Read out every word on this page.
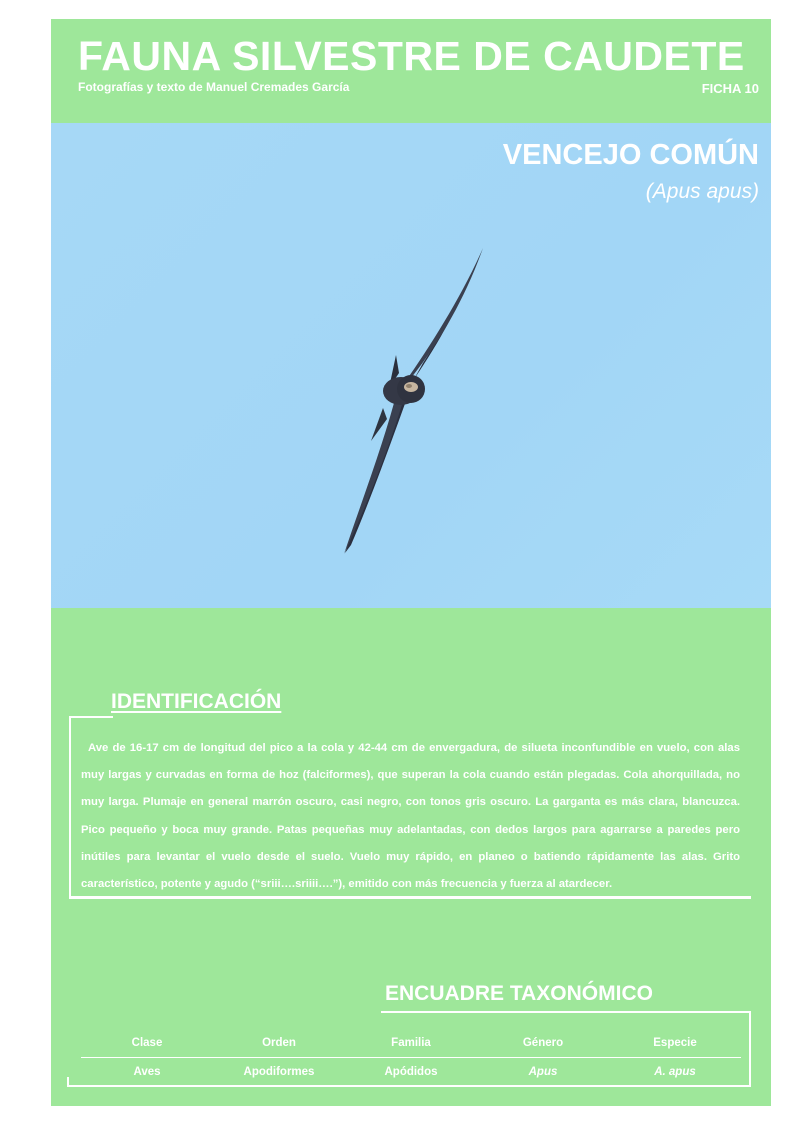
FAUNA SILVESTRE DE CAUDETE
Fotografías y texto de Manuel Cremades García	FICHA 10
VENCEJO COMÚN
(Apus apus)
IDENTIFICACIÓN

Ave de 16-17 cm de longitud del pico a la cola y 42-44 cm de envergadura, de silueta inconfundible en vuelo, con alas muy largas y curvadas en forma de hoz (falciformes), que superan la cola cuando están plegadas. Cola ahorquillada, no muy larga. Plumaje en general marrón oscuro, casi negro, con tonos gris oscuro. La garganta es más clara, blancuzca. Pico pequeño y boca muy grande. Patas pequeñas muy adelantadas, con dedos largos para agarrarse a paredes pero inútiles para levantar el vuelo desde el suelo. Vuelo muy rápido, en planeo o batiendo rápidamente las alas. Grito característico, potente y agudo (“sriii….sriiii….”), emitido con más frecuencia y fuerza al atardecer.

ENCUADRE TAXONÓMICO
Clase	Orden	Familia	Género	Especie
Aves	Apodiformes	Apódidos	Apus	A. apus
